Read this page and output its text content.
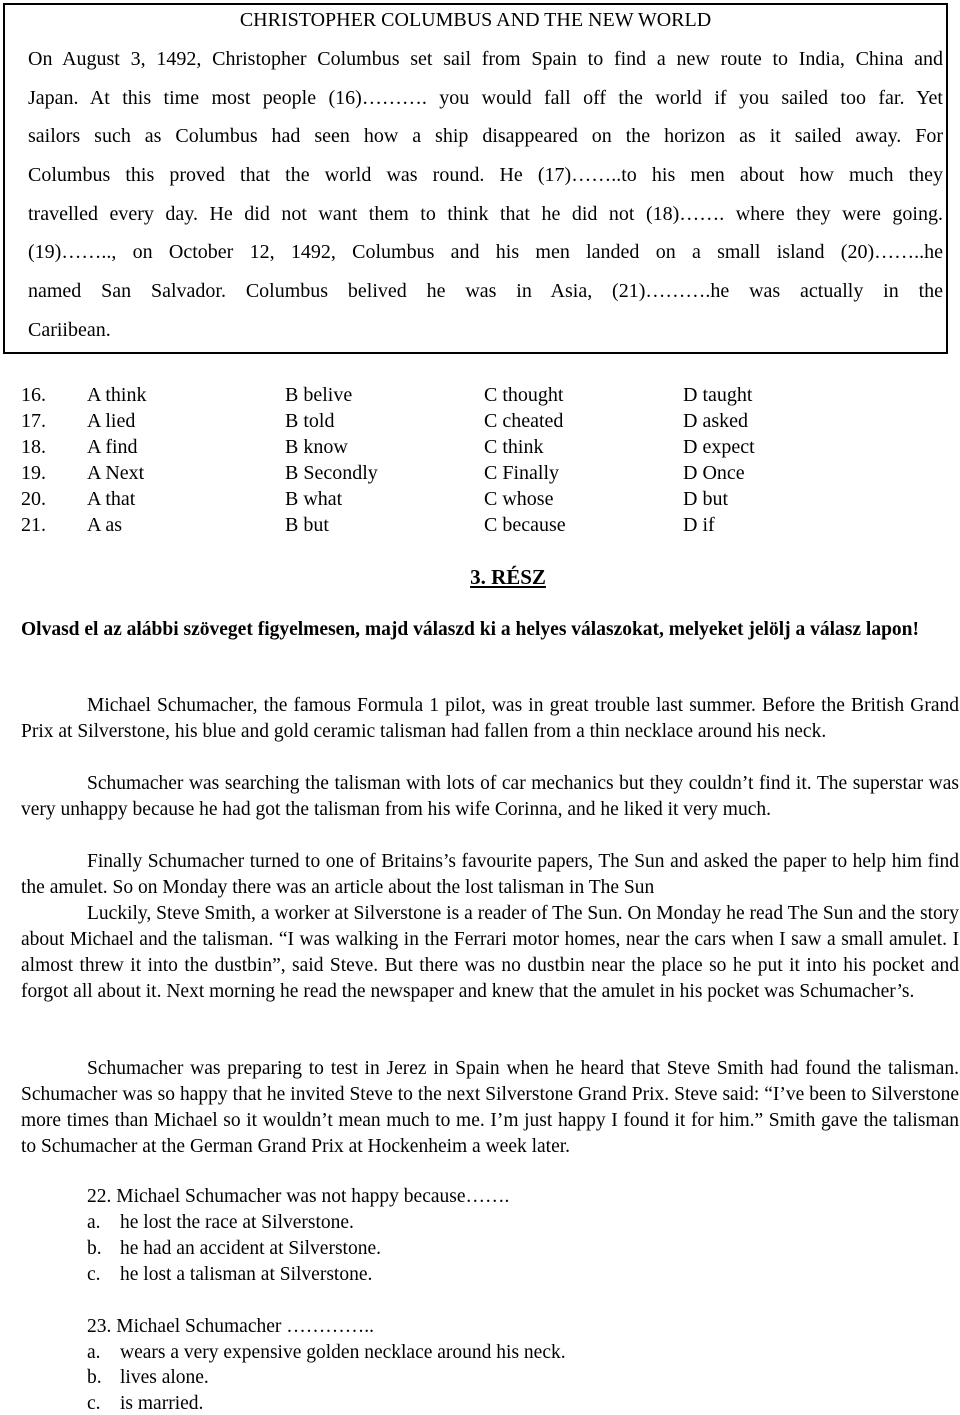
CHRISTOPHER COLUMBUS AND THE NEW WORLD
On August 3, 1492, Christopher Columbus set sail from Spain to find a new route to India, China and
Japan. At this time most people (16)………. you would fall off the world if you sailed too far. Yet
sailors such as Columbus had seen how a ship disappeared on the horizon as it sailed away. For
Columbus this proved that the world was round. He (17)……..to his men about how much they
travelled every day. He did not want them to think that he did not (18)……. where they were going.
(19)…….., on October 12, 1492, Columbus and his men landed on a small island (20)……..he
named San Salvador. Columbus belived he was in Asia, (21)……….he was actually in the
Cariibean.
16. A think	B belive	C thought	D taught
17. A lied	B told	C cheated	D asked
18. A find	B know	C think	D expect
19. A Next	B Secondly	C Finally	D Once
20. A that	B what	C whose	D but
21. A as	B but	C because	D if
3. RÉSZ
Olvasd el az alábbi szöveget figyelmesen, majd válaszd ki a helyes válaszokat, melyeket jelölj a válasz lapon!
Michael Schumacher, the famous Formula 1 pilot, was in great trouble last summer. Before the British Grand Prix at Silverstone, his blue and gold ceramic talisman had fallen from a thin necklace around his neck.
Schumacher was searching the talisman with lots of car mechanics but they couldn’t find it. The superstar was very unhappy because he had got the talisman from his wife Corinna, and he liked it very much.
Finally Schumacher turned to one of Britains’s favourite papers, The Sun and asked the paper to help him find the amulet. So on Monday there was an article about the lost talisman in The Sun
Luckily, Steve Smith, a worker at Silverstone is a reader of The Sun. On Monday he read The Sun and the story about Michael and the talisman. “I was walking in the Ferrari motor homes, near the cars when I saw a small amulet. I almost threw it into the dustbin”, said Steve. But there was no dustbin near the place so he put it into his pocket and forgot all about it. Next morning he read the newspaper and knew that the amulet in his pocket was Schumacher’s.
Schumacher was preparing to test in Jerez in Spain when he heard that Steve Smith had found the talisman. Schumacher was so happy that he invited Steve to the next Silverstone Grand Prix. Steve said: “I’ve been to Silverstone more times than Michael so it wouldn’t mean much to me. I’m just happy I found it for him.” Smith gave the talisman to Schumacher at the German Grand Prix at Hockenheim a week later.
22. Michael Schumacher was not happy because…….
a. he lost the race at Silverstone.
b. he had an accident at Silverstone.
c. he lost a talisman at Silverstone.
23. Michael Schumacher …………..
a. wears a very expensive golden necklace around his neck.
b. lives alone.
c. is married.
